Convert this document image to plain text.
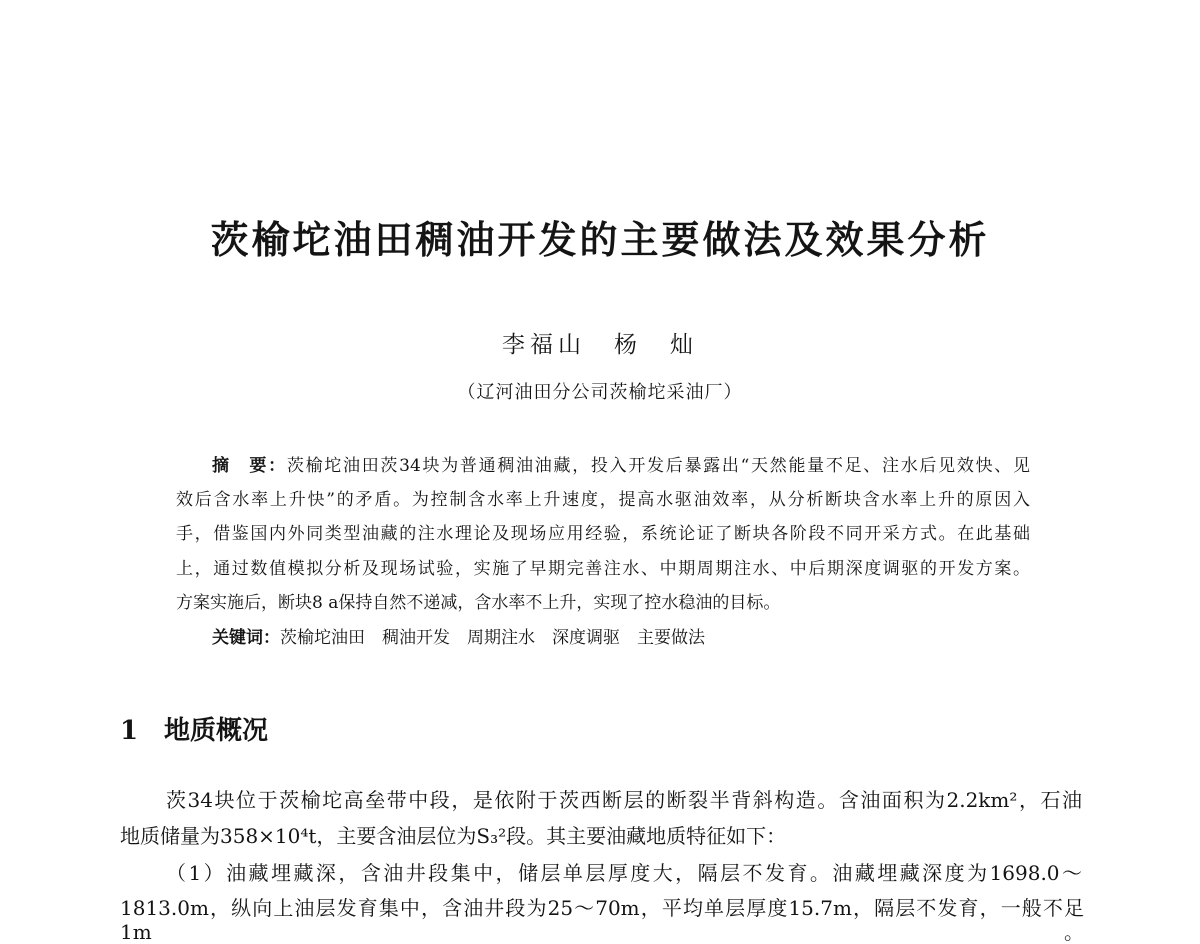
茨榆坨油田稠油开发的主要做法及效果分析
李福山　杨　灿
（辽河油田分公司茨榆坨采油厂）
摘　要：茨榆坨油田茨34块为普通稠油油藏，投入开发后暴露出“天然能量不足、注水后见效快、见
效后含水率上升快”的矛盾。为控制含水率上升速度，提高水驱油效率，从分析断块含水率上升的原因入
手，借鉴国内外同类型油藏的注水理论及现场应用经验，系统论证了断块各阶段不同开采方式。在此基础
上，通过数值模拟分析及现场试验，实施了早期完善注水、中期周期注水、中后期深度调驱的开发方案。
方案实施后，断块8 a保持自然不递减，含水率不上升，实现了控水稳油的目标。
关键词：茨榆坨油田　稠油开发　周期注水　深度调驱　主要做法
1 地质概况
茨34块位于茨榆坨高垒带中段，是依附于茨西断层的断裂半背斜构造。含油面积为2.2km²，石油
地质储量为358×10⁴t，主要含油层位为S₃²段。其主要油藏地质特征如下：
（1）油藏埋藏深，含油井段集中，储层单层厚度大，隔层不发育。油藏埋藏深度为1698.0～
1813.0m，纵向上油层发育集中，含油井段为25～70m，平均单层厚度15.7m，隔层不发育，一般不足1m。
